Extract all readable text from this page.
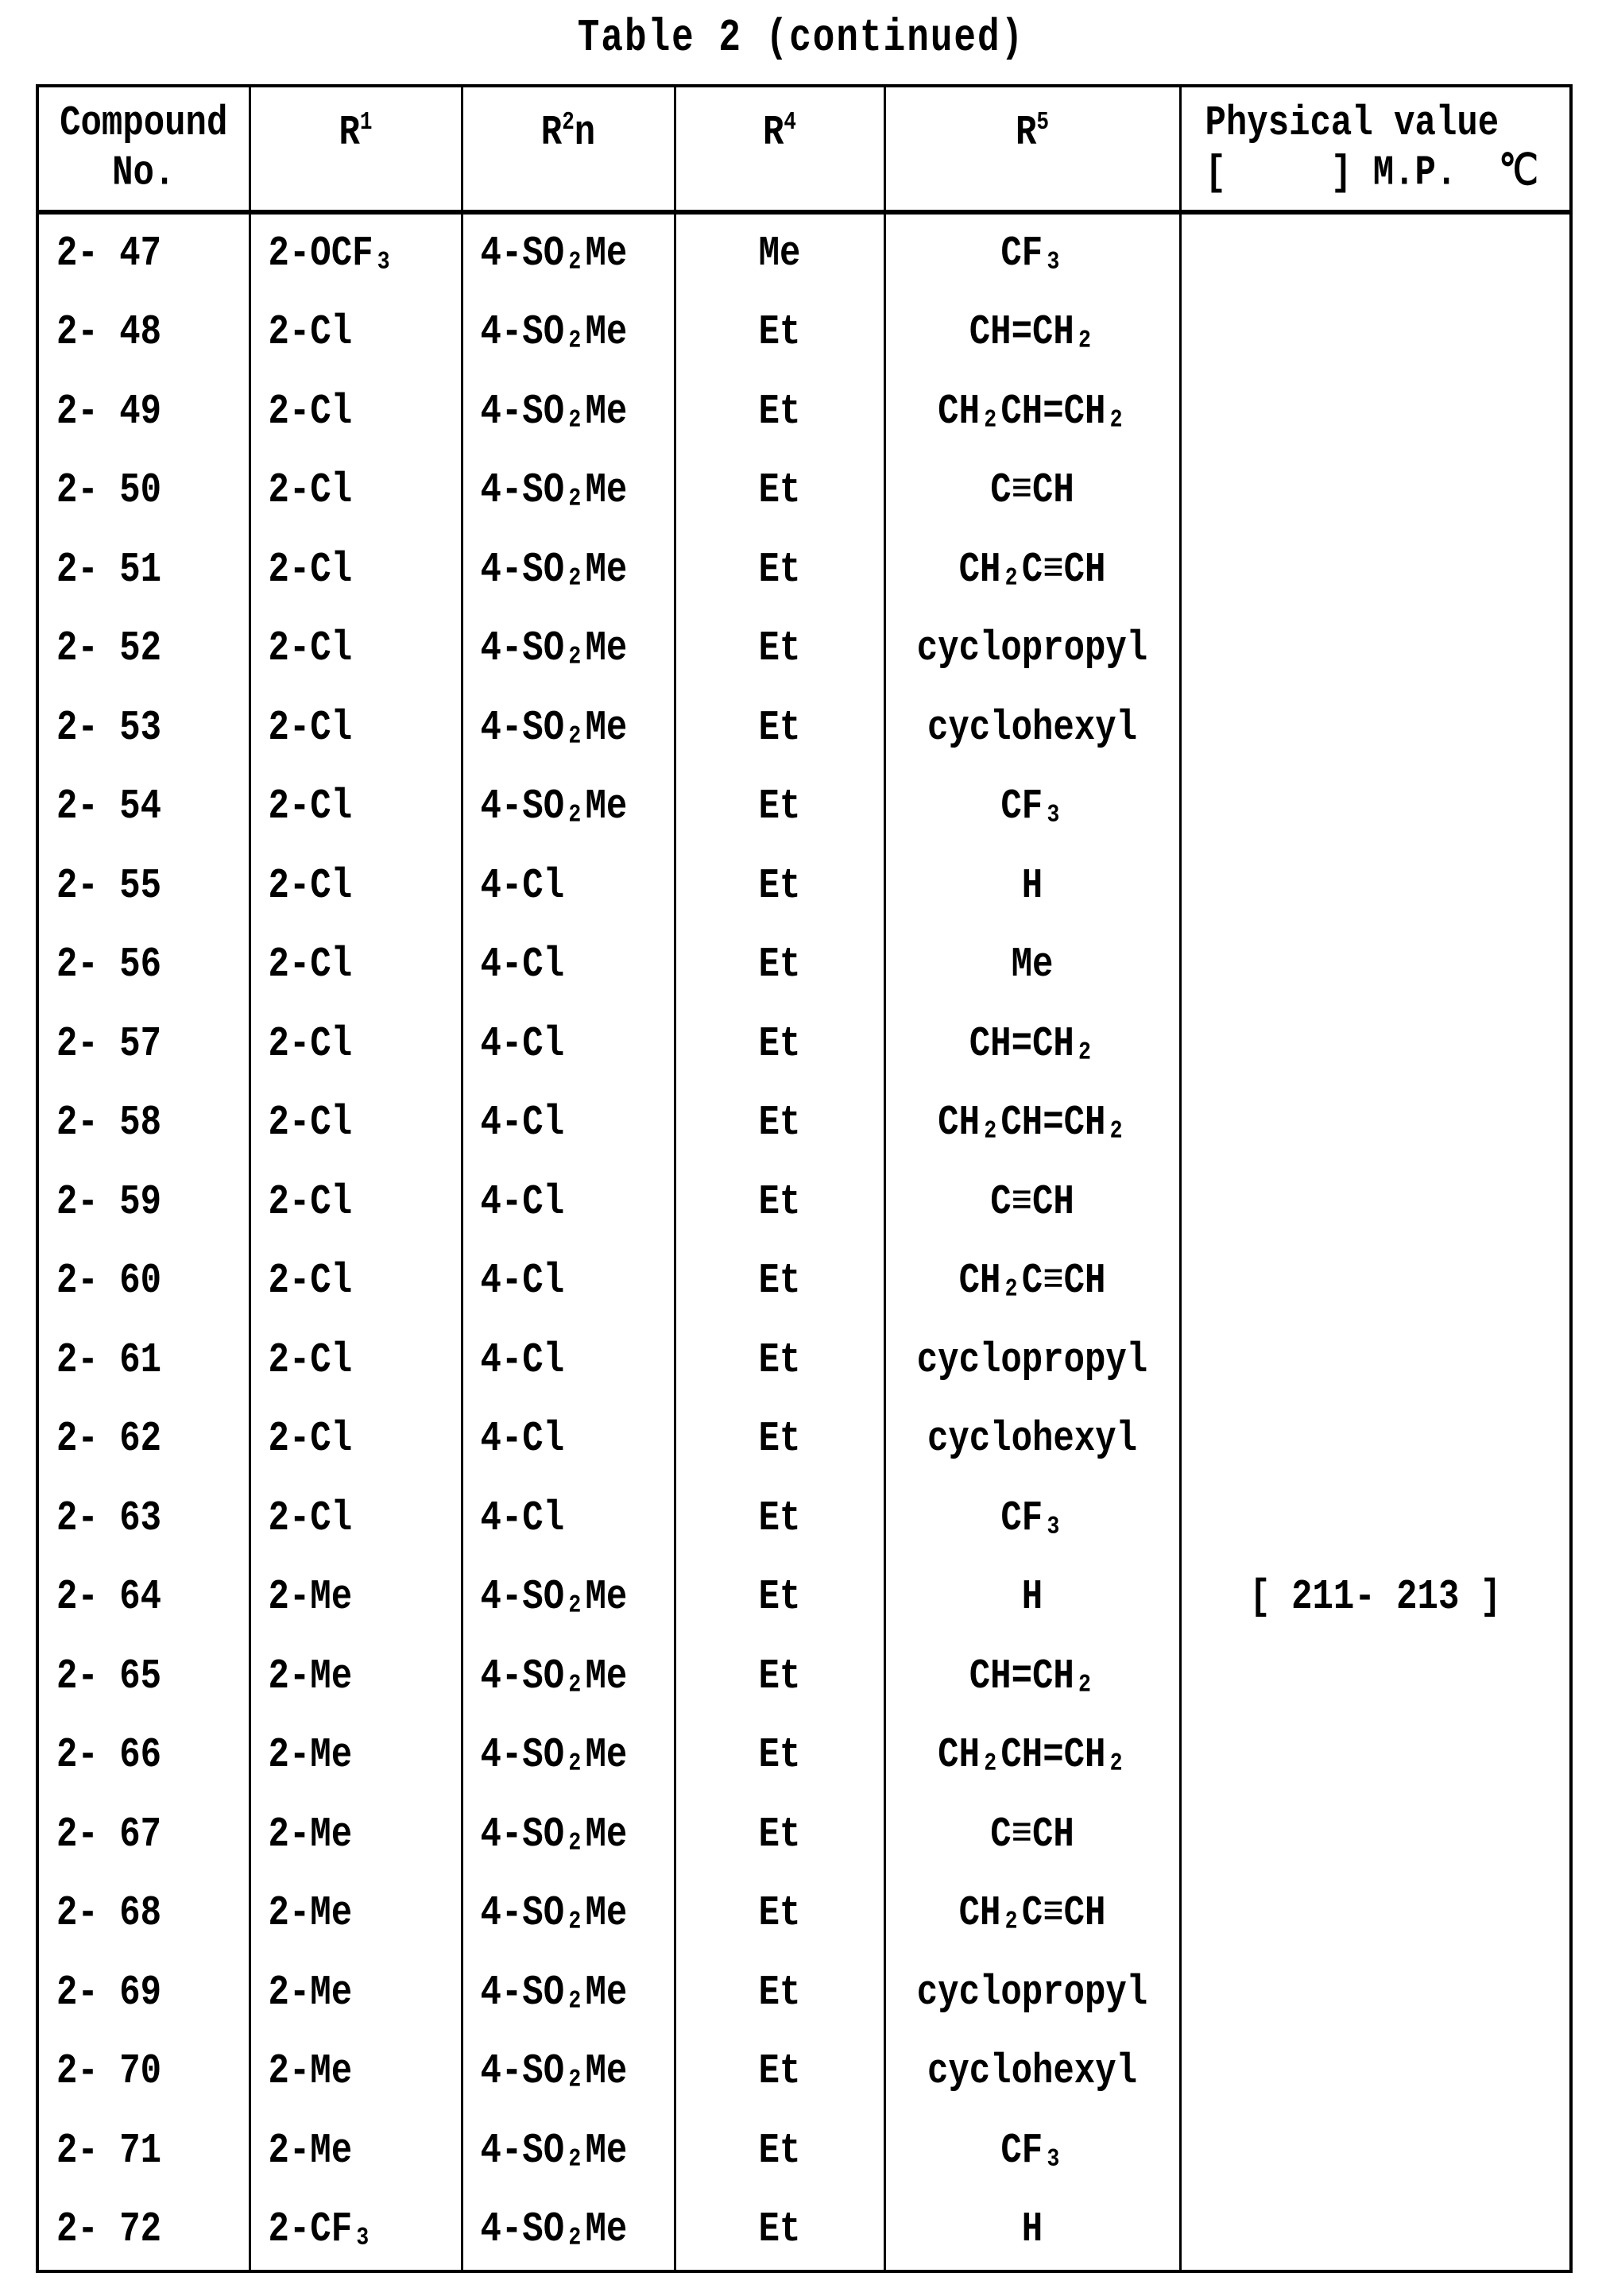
Table 2 (continued)
Compound
No.	R1	R2n	R4	R5	Physical value
[     ] M.P.  ℃
2- 47	2-OCF₃	4-SO₂Me	Me	CF₃	
2- 48	2-Cl	4-SO₂Me	Et	CH=CH₂	
2- 49	2-Cl	4-SO₂Me	Et	CH₂CH=CH₂	
2- 50	2-Cl	4-SO₂Me	Et	C≡CH	
2- 51	2-Cl	4-SO₂Me	Et	CH₂C≡CH	
2- 52	2-Cl	4-SO₂Me	Et	cyclopropyl	
2- 53	2-Cl	4-SO₂Me	Et	cyclohexyl	
2- 54	2-Cl	4-SO₂Me	Et	CF₃	
2- 55	2-Cl	4-Cl	Et	H	
2- 56	2-Cl	4-Cl	Et	Me	
2- 57	2-Cl	4-Cl	Et	CH=CH₂	
2- 58	2-Cl	4-Cl	Et	CH₂CH=CH₂	
2- 59	2-Cl	4-Cl	Et	C≡CH	
2- 60	2-Cl	4-Cl	Et	CH₂C≡CH	
2- 61	2-Cl	4-Cl	Et	cyclopropyl	
2- 62	2-Cl	4-Cl	Et	cyclohexyl	
2- 63	2-Cl	4-Cl	Et	CF₃	
2- 64	2-Me	4-SO₂Me	Et	H	[ 211- 213 ]
2- 65	2-Me	4-SO₂Me	Et	CH=CH₂	
2- 66	2-Me	4-SO₂Me	Et	CH₂CH=CH₂	
2- 67	2-Me	4-SO₂Me	Et	C≡CH	
2- 68	2-Me	4-SO₂Me	Et	CH₂C≡CH	
2- 69	2-Me	4-SO₂Me	Et	cyclopropyl	
2- 70	2-Me	4-SO₂Me	Et	cyclohexyl	
2- 71	2-Me	4-SO₂Me	Et	CF₃	
2- 72	2-CF₃	4-SO₂Me	Et	H	
